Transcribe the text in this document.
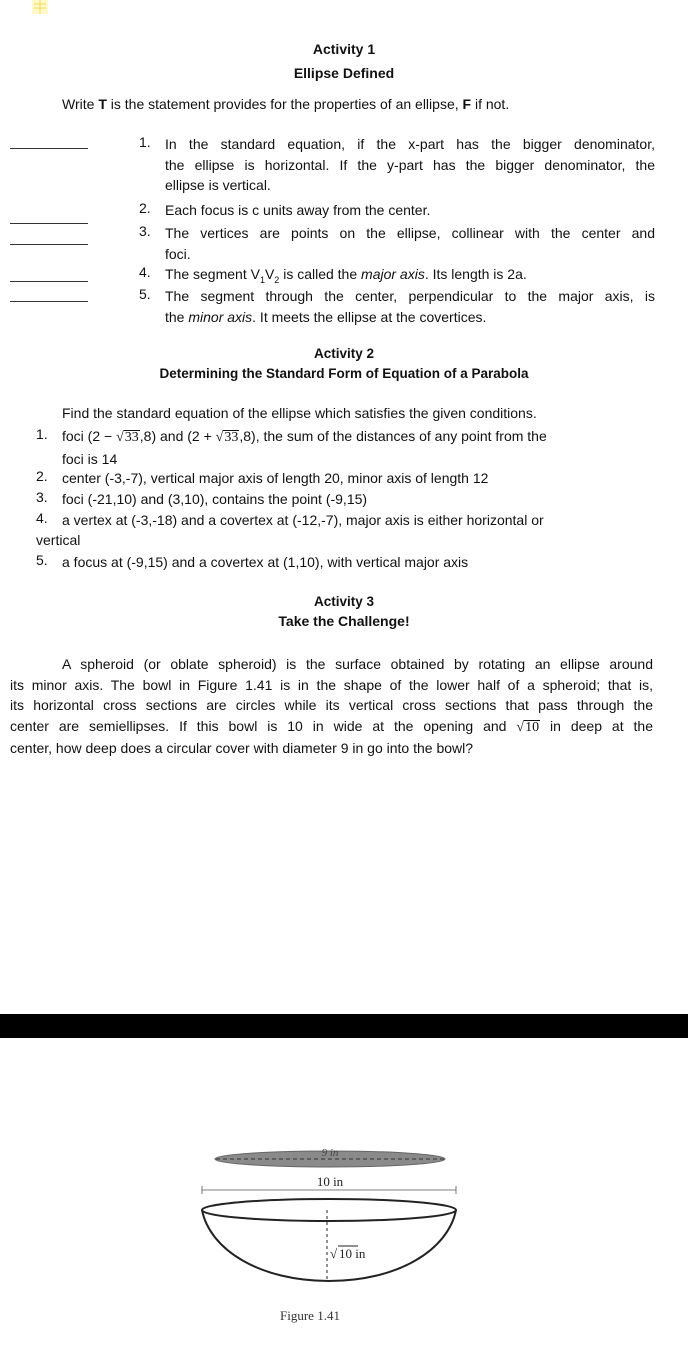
Activity 1
Ellipse Defined
Write T is the statement provides for the properties of an ellipse, F if not.
1. In the standard equation, if the x-part has the bigger denominator,
the ellipse is horizontal. If the y-part has the bigger denominator, the
ellipse is vertical.
2. Each focus is c units away from the center.
3. The vertices are points on the ellipse, collinear with the center and
foci.
4. The segment $V_1V_2$ is called the major axis. Its length is 2a.
5. The segment through the center, perpendicular to the major axis, is
the minor axis. It meets the ellipse at the covertices.
Activity 2
Determining the Standard Form of Equation of a Parabola
Find the standard equation of the ellipse which satisfies the given conditions.
1. foci (2 − √33,8) and (2 + √33,8), the sum of the distances of any point from the
foci is 14
2. center (-3,-7), vertical major axis of length 20, minor axis of length 12
3. foci (-21,10) and (3,10), contains the point (-9,15)
4. a vertex at (-3,-18) and a covertex at (-12,-7), major axis is either horizontal or
vertical
5. a focus at (-9,15) and a covertex at (1,10), with vertical major axis
Activity 3
Take the Challenge!
A spheroid (or oblate spheroid) is the surface obtained by rotating an ellipse around
its minor axis. The bowl in Figure 1.41 is in the shape of the lower half of a spheroid; that is,
its horizontal cross sections are circles while its vertical cross sections that pass through the
center are semiellipses. If this bowl is 10 in wide at the opening and √10 in deep at the
center, how deep does a circular cover with diameter 9 in go into the bowl?
9 in
10 in
√ 10 in
Figure 1.41
